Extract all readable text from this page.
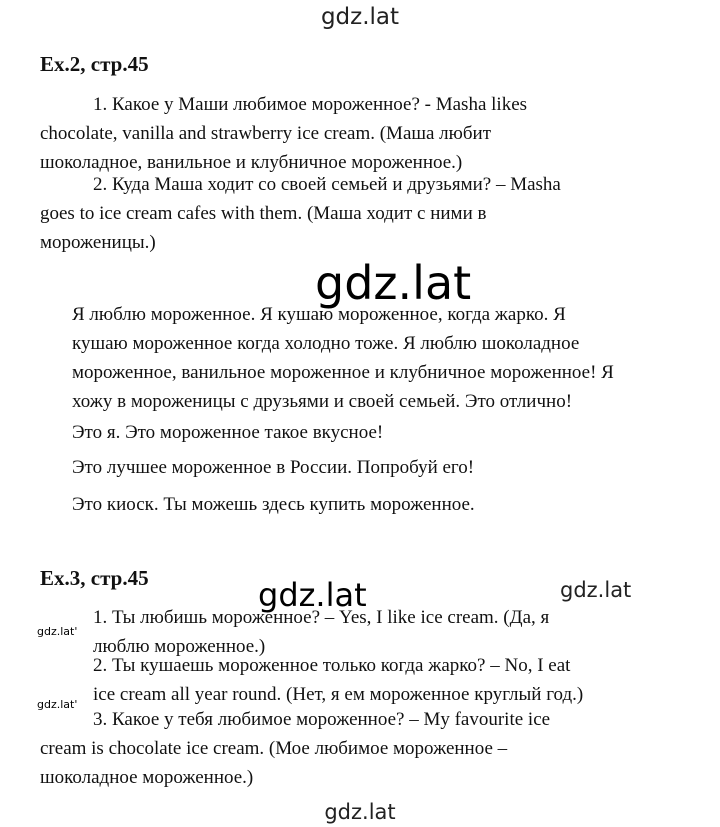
gdz.lat
Ex.2, стр.45
1. Какое у Маши любимое мороженное? - Masha likes
chocolate, vanilla and strawberry ice cream. (Маша любит
шоколадное, ванильное и клубничное мороженное.)
2. Куда Маша ходит со своей семьей и друзьями? – Masha
goes to ice cream cafes with them. (Маша ходит с ними в
мороженицы.)
gdz.lat
Я люблю мороженное. Я кушаю мороженное, когда жарко. Я
кушаю мороженное когда холодно тоже. Я люблю шоколадное
мороженное, ванильное мороженное и клубничное мороженное! Я
хожу в мороженицы с друзьями и своей семьей. Это отлично!
Это я. Это мороженное такое вкусное!
Это лучшее мороженное в России. Попробуй его!
Это киоск. Ты можешь здесь купить мороженное.
Ex.3, стр.45	gdz.lat	gdz.lat
1. Ты любишь мороженное? – Yes, I like ice cream. (Да, я
люблю мороженное.)
gdz.lat'
2. Ты кушаешь мороженное только когда жарко? – No, I eat
ice cream all year round. (Нет, я ем мороженное круглый год.)
gdz.lat'
3. Какое у тебя любимое мороженное? – My favourite ice
cream is chocolate ice cream. (Мое любимое мороженное –
шоколадное мороженное.)
gdz.lat
